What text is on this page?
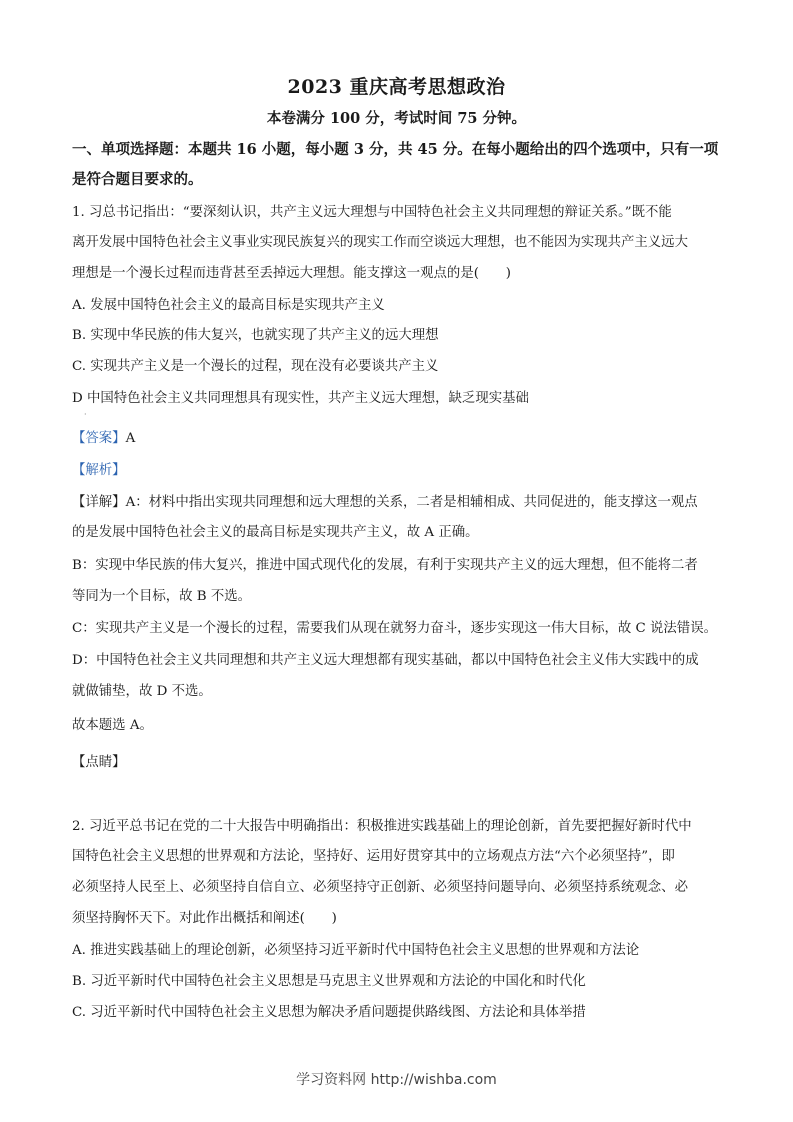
2023 重庆高考思想政治
本卷满分 100 分，考试时间 75 分钟。
一、单项选择题：本题共 16 小题，每小题 3 分，共 45 分。在每小题给出的四个选项中，只有一项是符合题目要求的。
1. 习总书记指出：“要深刻认识，共产主义远大理想与中国特色社会主义共同理想的辩证关系。”既不能
离开发展中国特色社会主义事业实现民族复兴的现实工作而空谈远大理想，也不能因为实现共产主义远大
理想是一个漫长过程而违背甚至丢掉远大理想。能支撑这一观点的是(　　)
A. 发展中国特色社会主义的最高目标是实现共产主义
B. 实现中华民族的伟大复兴，也就实现了共产主义的远大理想
C. 实现共产主义是一个漫长的过程，现在没有必要谈共产主义
D 中国特色社会主义共同理想具有现实性，共产主义远大理想，缺乏现实基础
·
【答案】A
【解析】
【详解】A：材料中指出实现共同理想和远大理想的关系，二者是相辅相成、共同促进的，能支撑这一观点
的是发展中国特色社会主义的最高目标是实现共产主义，故 A 正确。
B：实现中华民族的伟大复兴，推进中国式现代化的发展，有利于实现共产主义的远大理想，但不能将二者
等同为一个目标，故 B 不选。
C：实现共产主义是一个漫长的过程，需要我们从现在就努力奋斗，逐步实现这一伟大目标，故 C 说法错误。
D：中国特色社会主义共同理想和共产主义远大理想都有现实基础，都以中国特色社会主义伟大实践中的成
就做铺垫，故 D 不选。
故本题选 A。
【点睛】
2. 习近平总书记在党的二十大报告中明确指出：积极推进实践基础上的理论创新，首先要把握好新时代中
国特色社会主义思想的世界观和方法论，坚持好、运用好贯穿其中的立场观点方法“六个必须坚持”，即
必须坚持人民至上、必须坚持自信自立、必须坚持守正创新、必须坚持问题导向、必须坚持系统观念、必
须坚持胸怀天下。对此作出概括和阐述(　　)
A. 推进实践基础上的理论创新，必须坚持习近平新时代中国特色社会主义思想的世界观和方法论
B. 习近平新时代中国特色社会主义思想是马克思主义世界观和方法论的中国化和时代化
C. 习近平新时代中国特色社会主义思想为解决矛盾问题提供路线图、方法论和具体举措
学习资料网 http://wishba.com
